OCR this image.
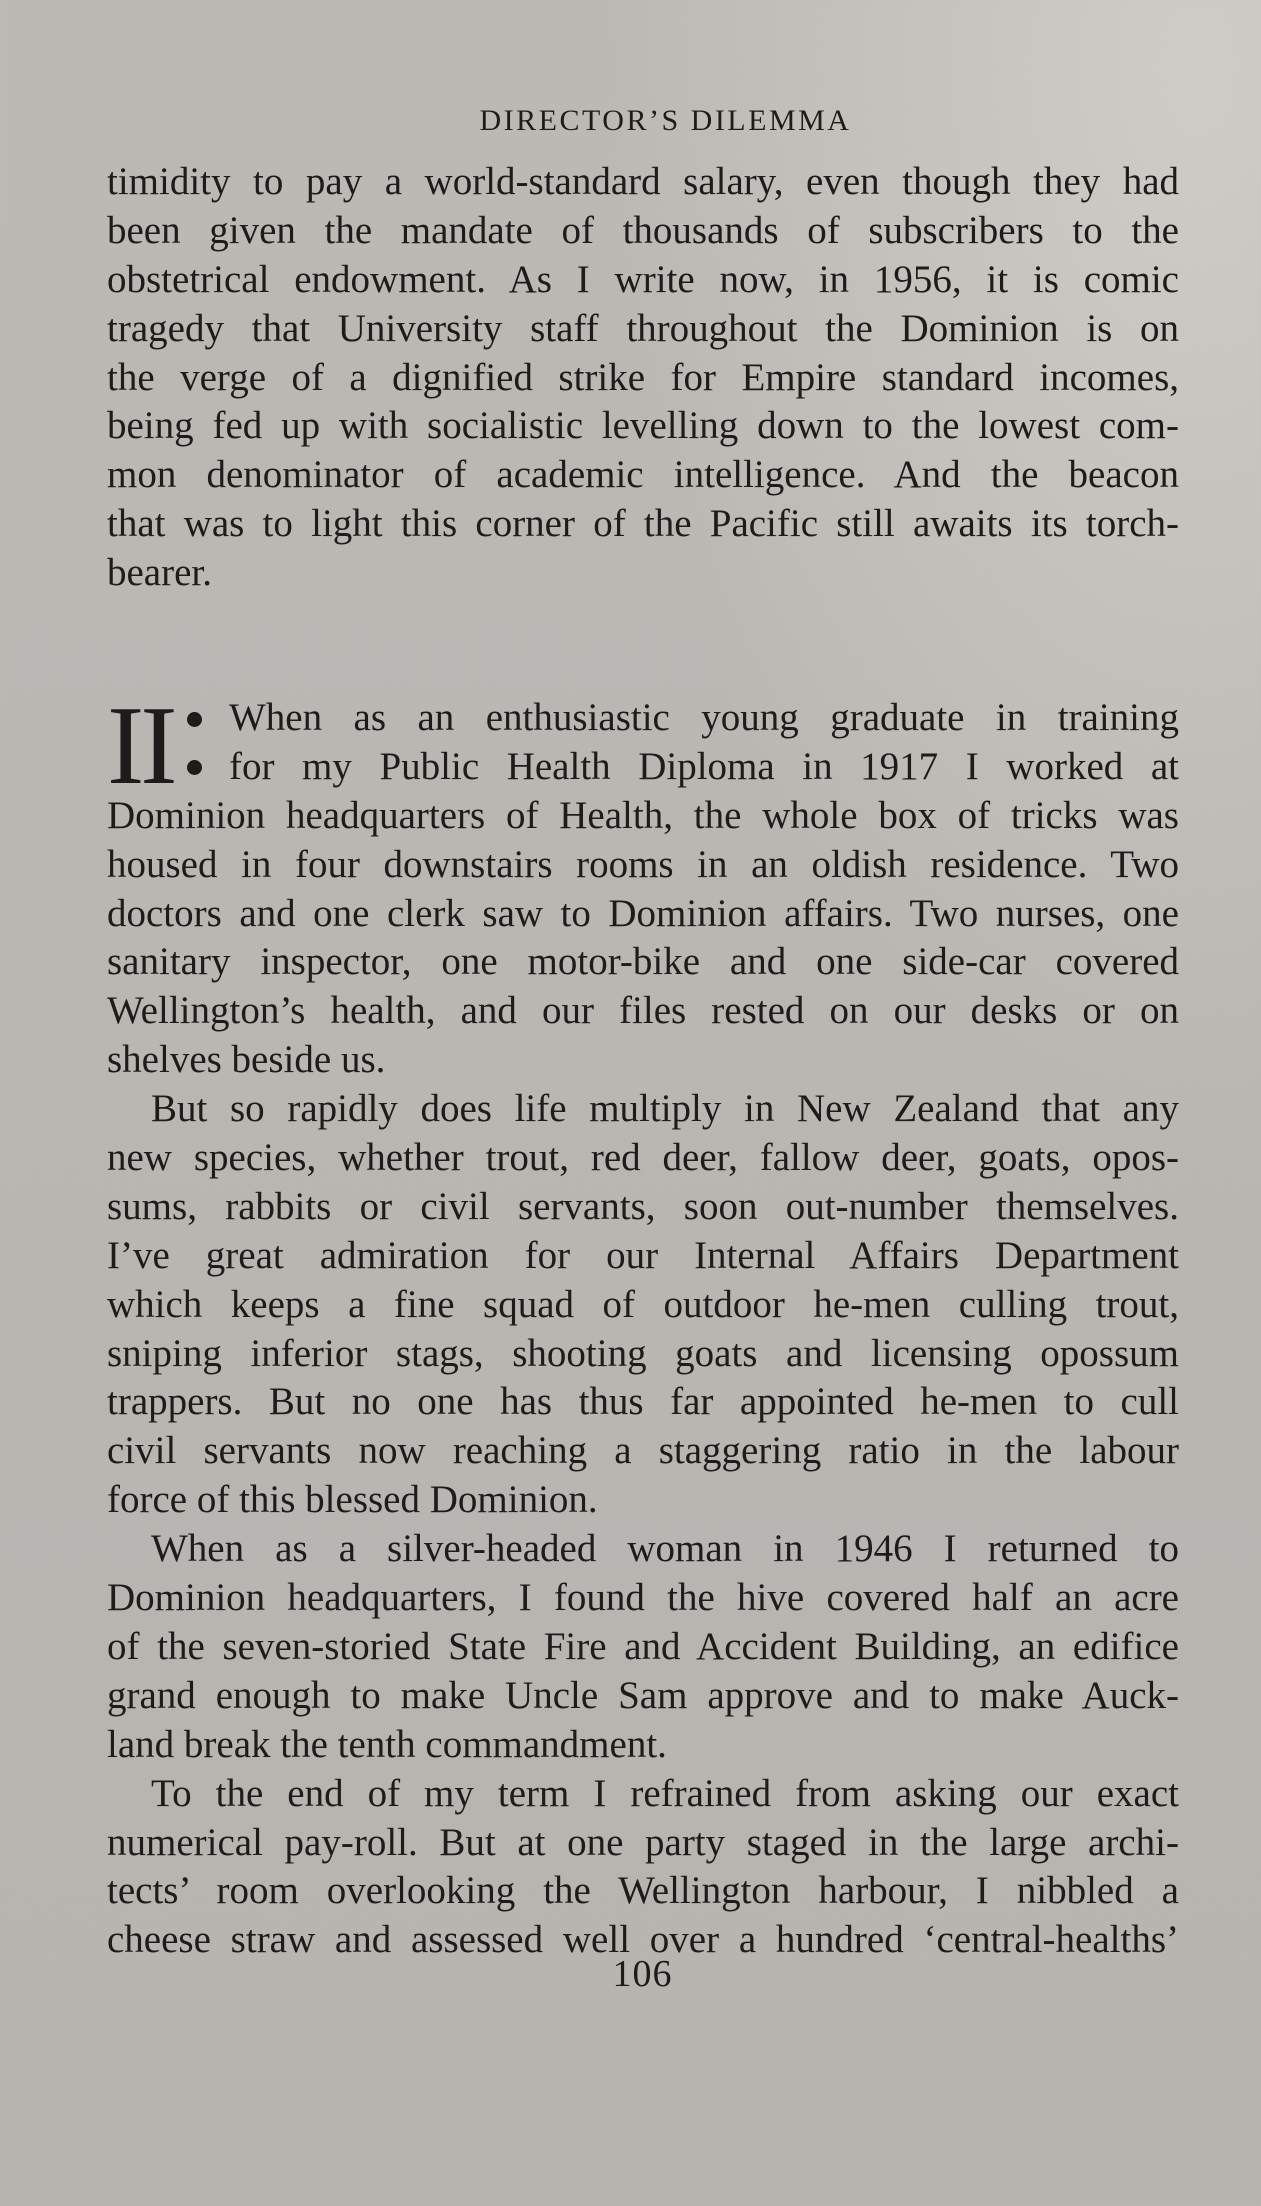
DIRECTOR’S DILEMMA
timidity to pay a world-standard salary, even though they had
been given the mandate of thousands of subscribers to the
obstetrical endowment. As I write now, in 1956, it is comic
tragedy that University staff throughout the Dominion is on
the verge of a dignified strike for Empire standard incomes,
being fed up with socialistic levelling down to the lowest com-
mon denominator of academic intelligence. And the beacon
that was to light this corner of the Pacific still awaits its torch-
bearer.
II	When as an enthusiastic young graduate in training
for my Public Health Diploma in 1917 I worked at
Dominion headquarters of Health, the whole box of tricks was
housed in four downstairs rooms in an oldish residence. Two
doctors and one clerk saw to Dominion affairs. Two nurses, one
sanitary inspector, one motor-bike and one side-car covered
Wellington’s health, and our files rested on our desks or on
shelves beside us.
But so rapidly does life multiply in New Zealand that any
new species, whether trout, red deer, fallow deer, goats, opos-
sums, rabbits or civil servants, soon out-number themselves.
I’ve great admiration for our Internal Affairs Department
which keeps a fine squad of outdoor he-men culling trout,
sniping inferior stags, shooting goats and licensing opossum
trappers. But no one has thus far appointed he-men to cull
civil servants now reaching a staggering ratio in the labour
force of this blessed Dominion.
When as a silver-headed woman in 1946 I returned to
Dominion headquarters, I found the hive covered half an acre
of the seven-storied State Fire and Accident Building, an edifice
grand enough to make Uncle Sam approve and to make Auck-
land break the tenth commandment.
To the end of my term I refrained from asking our exact
numerical pay-roll. But at one party staged in the large archi-
tects’ room overlooking the Wellington harbour, I nibbled a
cheese straw and assessed well over a hundred ‘central-healths’
106
